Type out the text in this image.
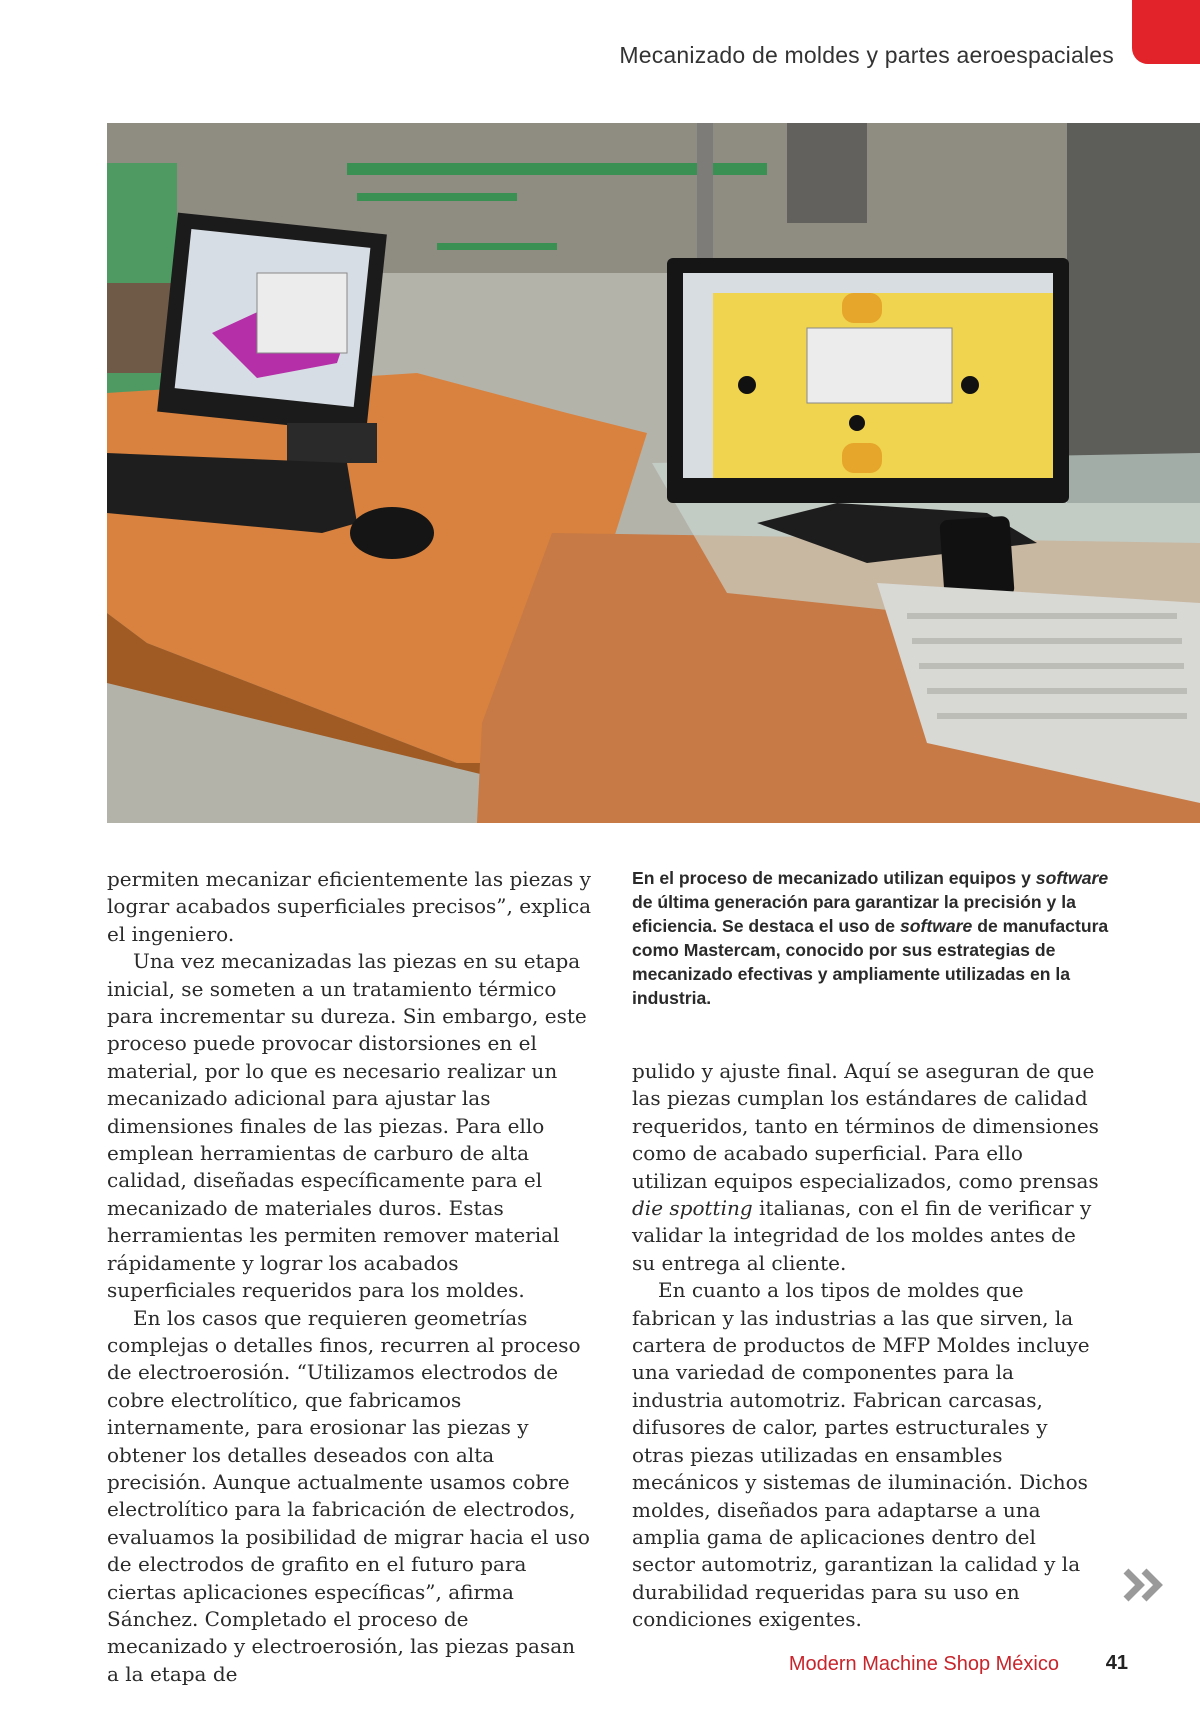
Mecanizado de moldes y partes aeroespaciales
En el proceso de mecanizado utilizan equipos y software de última generación para garantizar la precisión y la eficiencia. Se destaca el uso de software de manufactura como Mastercam, conocido por sus estrategias de mecanizado efectivas y ampliamente utilizadas en la industria.

permiten mecanizar eficientemente las piezas y lograr acabados superficiales precisos”, explica el ingeniero.

Una vez mecanizadas las piezas en su etapa inicial, se someten a un tratamiento térmico para incrementar su dureza. Sin embargo, este proceso puede provocar distorsiones en el material, por lo que es necesario realizar un mecanizado adicional para ajustar las dimensiones finales de las piezas. Para ello emplean herramientas de carburo de alta calidad, diseñadas específicamente para el mecanizado de materiales duros. Estas herramientas les permiten remover material rápidamente y lograr los acabados superficiales requeridos para los moldes.

En los casos que requieren geometrías complejas o detalles finos, recurren al proceso de electroerosión. “Utilizamos electrodos de cobre electrolítico, que fabricamos internamente, para erosionar las piezas y obtener los detalles deseados con alta precisión. Aunque actualmente usamos cobre electrolítico para la fabricación de electrodos, evaluamos la posibilidad de migrar hacia el uso de electrodos de grafito en el futuro para ciertas aplicaciones específicas”, afirma Sánchez. Completado el proceso de mecanizado y electroerosión, las piezas pasan a la etapa de

pulido y ajuste final. Aquí se aseguran de que las piezas cumplan los estándares de calidad requeridos, tanto en términos de dimensiones como de acabado superficial. Para ello utilizan equipos especializados, como prensas die spotting italianas, con el fin de verificar y validar la integridad de los moldes antes de su entrega al cliente.

En cuanto a los tipos de moldes que fabrican y las industrias a las que sirven, la cartera de productos de MFP Moldes incluye una variedad de componentes para la industria automotriz. Fabrican carcasas, difusores de calor, partes estructurales y otras piezas utilizadas en ensambles mecánicos y sistemas de iluminación. Dichos moldes, diseñados para adaptarse a una amplia gama de aplicaciones dentro del sector automotriz, garantizan la calidad y la durabilidad requeridas para su uso en condiciones exigentes.

Modern Machine Shop México 41
